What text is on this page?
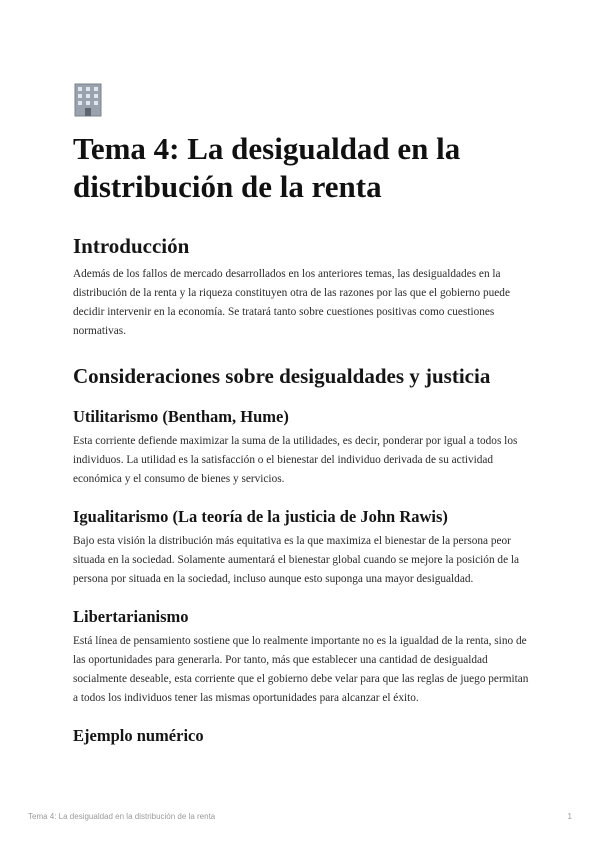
Tema 4: La desigualdad en la distribución de la renta
Introducción

Además de los fallos de mercado desarrollados en los anteriores temas, las desigualdades en la distribución de la renta y la riqueza constituyen otra de las razones por las que el gobierno puede decidir intervenir en la economía. Se tratará tanto sobre cuestiones positivas como cuestiones normativas.

Consideraciones sobre desigualdades y justicia
Utilitarismo (Bentham, Hume)

Esta corriente defiende maximizar la suma de la utilidades, es decir, ponderar por igual a todos los individuos. La utilidad es la satisfacción o el bienestar del individuo derivada de su actividad económica y el consumo de bienes y servicios.

Igualitarismo (La teoría de la justicia de John Rawis)

Bajo esta visión la distribución más equitativa es la que maximiza el bienestar de la persona peor situada en la sociedad. Solamente aumentará el bienestar global cuando se mejore la posición de la persona por situada en la sociedad, incluso aunque esto suponga una mayor desigualdad.

Libertarianismo

Está línea de pensamiento sostiene que lo realmente importante no es la igualdad de la renta, sino de las oportunidades para generarla. Por tanto, más que establecer una cantidad de desigualdad socialmente deseable, esta corriente que el gobierno debe velar para que las reglas de juego permitan a todos los individuos tener las mismas oportunidades para alcanzar el éxito.

Ejemplo numérico
Tema 4: La desigualdad en la distribución de la renta	1
